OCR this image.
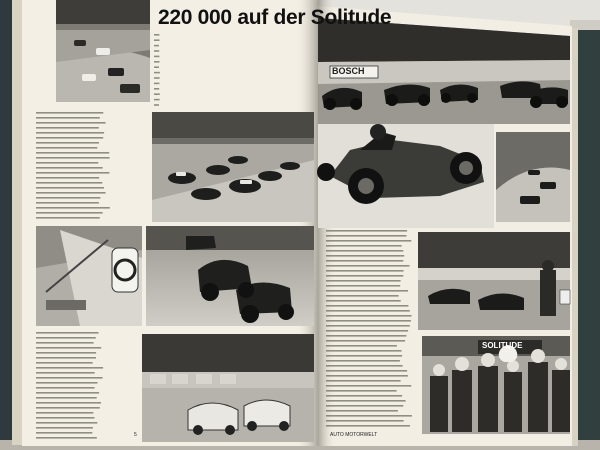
220 000 auf der Solitude
5	AUTO MOTORWELT
BOSCH
SOLITUDE
